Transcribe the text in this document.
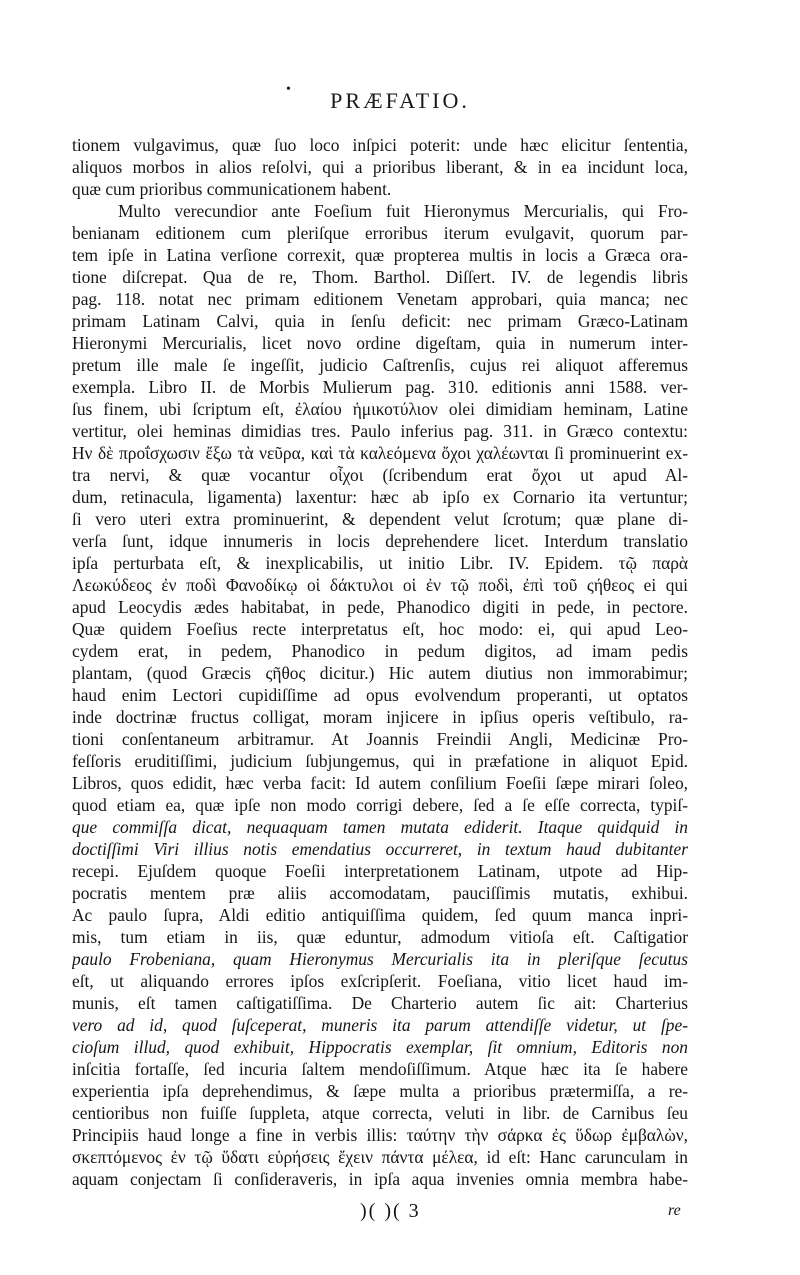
• PRÆFATIO.
tionem vulgavimus, quæ ſuo loco inſpici poterit: unde hæc elicitur ſententia,
aliquos morbos in alios reſolvi, qui a prioribus liberant, & in ea incidunt loca,
quæ cum prioribus communicationem habent.
Multo verecundior ante Foeſium fuit Hieronymus Mercurialis, qui Fro-
benianam editionem cum pleriſque erroribus iterum evulgavit, quorum par-
tem ipſe in Latina verſione correxit, quæ propterea multis in locis a Græca ora-
tione diſcrepat. Qua de re, Thom. Barthol. Diſſert. IV. de legendis libris
pag. 118. notat nec primam editionem Venetam approbari, quia manca; nec
primam Latinam Calvi, quia in ſenſu deficit: nec primam Græco-Latinam
Hieronymi Mercurialis, licet novo ordine digeſtam, quia in numerum inter-
pretum ille male ſe ingeſſit, judicio Caſtrenſis, cujus rei aliquot afferemus
exempla. Libro II. de Morbis Mulierum pag. 310. editionis anni 1588. ver-
ſus finem, ubi ſcriptum eſt, ἐλαίου ἡμικοτύλιον olei dimidiam heminam, Latine
vertitur, olei heminas dimidias tres. Paulo inferius pag. 311. in Græco contextu:
Ην δὲ προΐσχωσιν ἔξω τὰ νεῦρα, καὶ τὰ καλεόμενα ὄχοι χαλέωνται ſi prominuerint ex-
tra nervi, & quæ vocantur οἶχοι (ſcribendum erat ὄχοι ut apud Al-
dum, retinacula, ligamenta) laxentur: hæc ab ipſo ex Cornario ita vertuntur;
ſi vero uteri extra prominuerint, & dependent velut ſcrotum; quæ plane di-
verſa ſunt, idque innumeris in locis deprehendere licet. Interdum translatio
ipſa perturbata eſt, & inexplicabilis, ut initio Libr. IV. Epidem. τῷ παρὰ
Λεωκύδεος ἐν ποδὶ Φανοδίκῳ οἱ δάκτυλοι οἱ ἐν τῷ ποδὶ, ἐπὶ τοῦ ςήθεος ei qui
apud Leocydis ædes habitabat, in pede, Phanodico digiti in pede, in pectore.
Quæ quidem Foeſius recte interpretatus eſt, hoc modo: ei, qui apud Leo-
cydem erat, in pedem, Phanodico in pedum digitos, ad imam pedis
plantam, (quod Græcis ςῆθος dicitur.) Hic autem diutius non immorabimur;
haud enim Lectori cupidiſſime ad opus evolvendum properanti, ut optatos
inde doctrinæ fructus colligat, moram injicere in ipſius operis veſtibulo, ra-
tioni conſentaneum arbitramur. At Joannis Freindii Angli, Medicinæ Pro-
feſſoris eruditiſſimi, judicium ſubjungemus, qui in præfatione in aliquot Epid.
Libros, quos edidit, hæc verba facit: Id autem conſilium Foeſii ſæpe mirari ſoleo,
quod etiam ea, quæ ipſe non modo corrigi debere, ſed a ſe eſſe correcta, typiſ-
que commiſſa dicat, nequaquam tamen mutata ediderit. Itaque quidquid in
doctiſſimi Viri illius notis emendatius occurreret, in textum haud dubitanter
recepi. Ejuſdem quoque Foeſii interpretationem Latinam, utpote ad Hip-
pocratis mentem præ aliis accomodatam, pauciſſimis mutatis, exhibui.
Ac paulo ſupra, Aldi editio antiquiſſima quidem, ſed quum manca inpri-
mis, tum etiam in iis, quæ eduntur, admodum vitioſa eſt. Caſtigatior
paulo Frobeniana, quam Hieronymus Mercurialis ita in pleriſque ſecutus
eſt, ut aliquando errores ipſos exſcripſerit. Foeſiana, vitio licet haud im-
munis, eſt tamen caſtigatiſſima. De Charterio autem ſic ait: Charterius
vero ad id, quod ſuſceperat, muneris ita parum attendiſſe videtur, ut ſpe-
cioſum illud, quod exhibuit, Hippocratis exemplar, ſit omnium, Editoris non
inſcitia fortaſſe, ſed incuria ſaltem mendoſiſſimum. Atque hæc ita ſe habere
experientia ipſa deprehendimus, & ſæpe multa a prioribus prætermiſſa, a re-
centioribus non fuiſſe ſuppleta, atque correcta, veluti in libr. de Carnibus ſeu
Principiis haud longe a fine in verbis illis: ταύτην τὴν σάρκα ἐς ὕδωρ ἐμβαλὼν,
σκεπτόμενος ἐν τῷ ὕδατι εὑρήσεις ἔχειν πάντα μέλεα, id eſt: Hanc carunculam in
aquam conjectam ſi conſideraveris, in ipſa aqua invenies omnia membra habe-
)( )( 3	re
